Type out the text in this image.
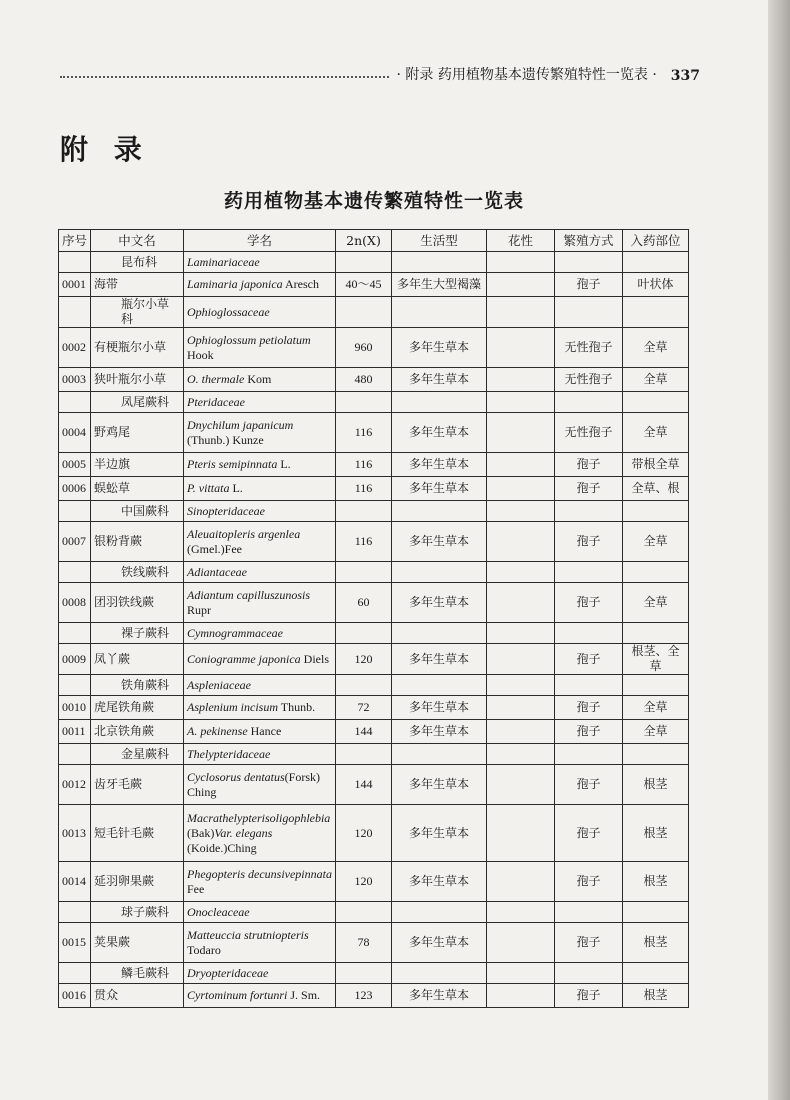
· 附录 药用植物基本遗传繁殖特性一览表 · 337
附 录
药用植物基本遗传繁殖特性一览表
序号	中文名	学名	2n(X)	生活型	花性	繁殖方式	入药部位
	昆布科	Laminariaceae					
0001	海带	Laminaria japonica Aresch	40～45	多年生大型褐藻		孢子	叶状体
	瓶尔小草科	Ophioglossaceae					
0002	有梗瓶尔小草	Ophioglossum petiolatum
Hook	960	多年生草本		无性孢子	全草
0003	狭叶瓶尔小草	O. thermale Kom	480	多年生草本		无性孢子	全草
	凤尾蕨科	Pteridaceae					
0004	野鸡尾	Dnychilum japanicum
(Thunb.) Kunze	116	多年生草本		无性孢子	全草
0005	半边旗	Pteris semipinnata L.	116	多年生草本		孢子	带根全草
0006	蜈蚣草	P. vittata L.	116	多年生草本		孢子	全草、根
	中国蕨科	Sinopteridaceae					
0007	银粉背蕨	Aleuaitopleris argenlea
(Gmel.)Fee	116	多年生草本		孢子	全草
	铁线蕨科	Adiantaceae					
0008	团羽铁线蕨	Adiantum capilluszunosis
Rupr	60	多年生草本		孢子	全草
	裸子蕨科	Cymnogrammaceae					
0009	凤丫蕨	Coniogramme japonica Diels	120	多年生草本		孢子	根茎、全草
	铁角蕨科	Aspleniaceae					
0010	虎尾铁角蕨	Asplenium incisum Thunb.	72	多年生草本		孢子	全草
0011	北京铁角蕨	A. pekinense Hance	144	多年生草本		孢子	全草
	金星蕨科	Thelypteridaceae					
0012	齿牙毛蕨	Cyclosorus dentatus(Forsk)
Ching	144	多年生草本		孢子	根茎
0013	短毛针毛蕨	Macrathelypterisoligophlebia
(Bak)Var. elegans
(Koide.)Ching	120	多年生草本		孢子	根茎
0014	延羽卵果蕨	Phegopteris decunsivepinnata
Fee	120	多年生草本		孢子	根茎
	球子蕨科	Onocleaceae					
0015	荚果蕨	Matteuccia strutniopteris
Todaro	78	多年生草本		孢子	根茎
	鳞毛蕨科	Dryopteridaceae					
0016	贯众	Cyrtominum fortunri J. Sm.	123	多年生草本		孢子	根茎
